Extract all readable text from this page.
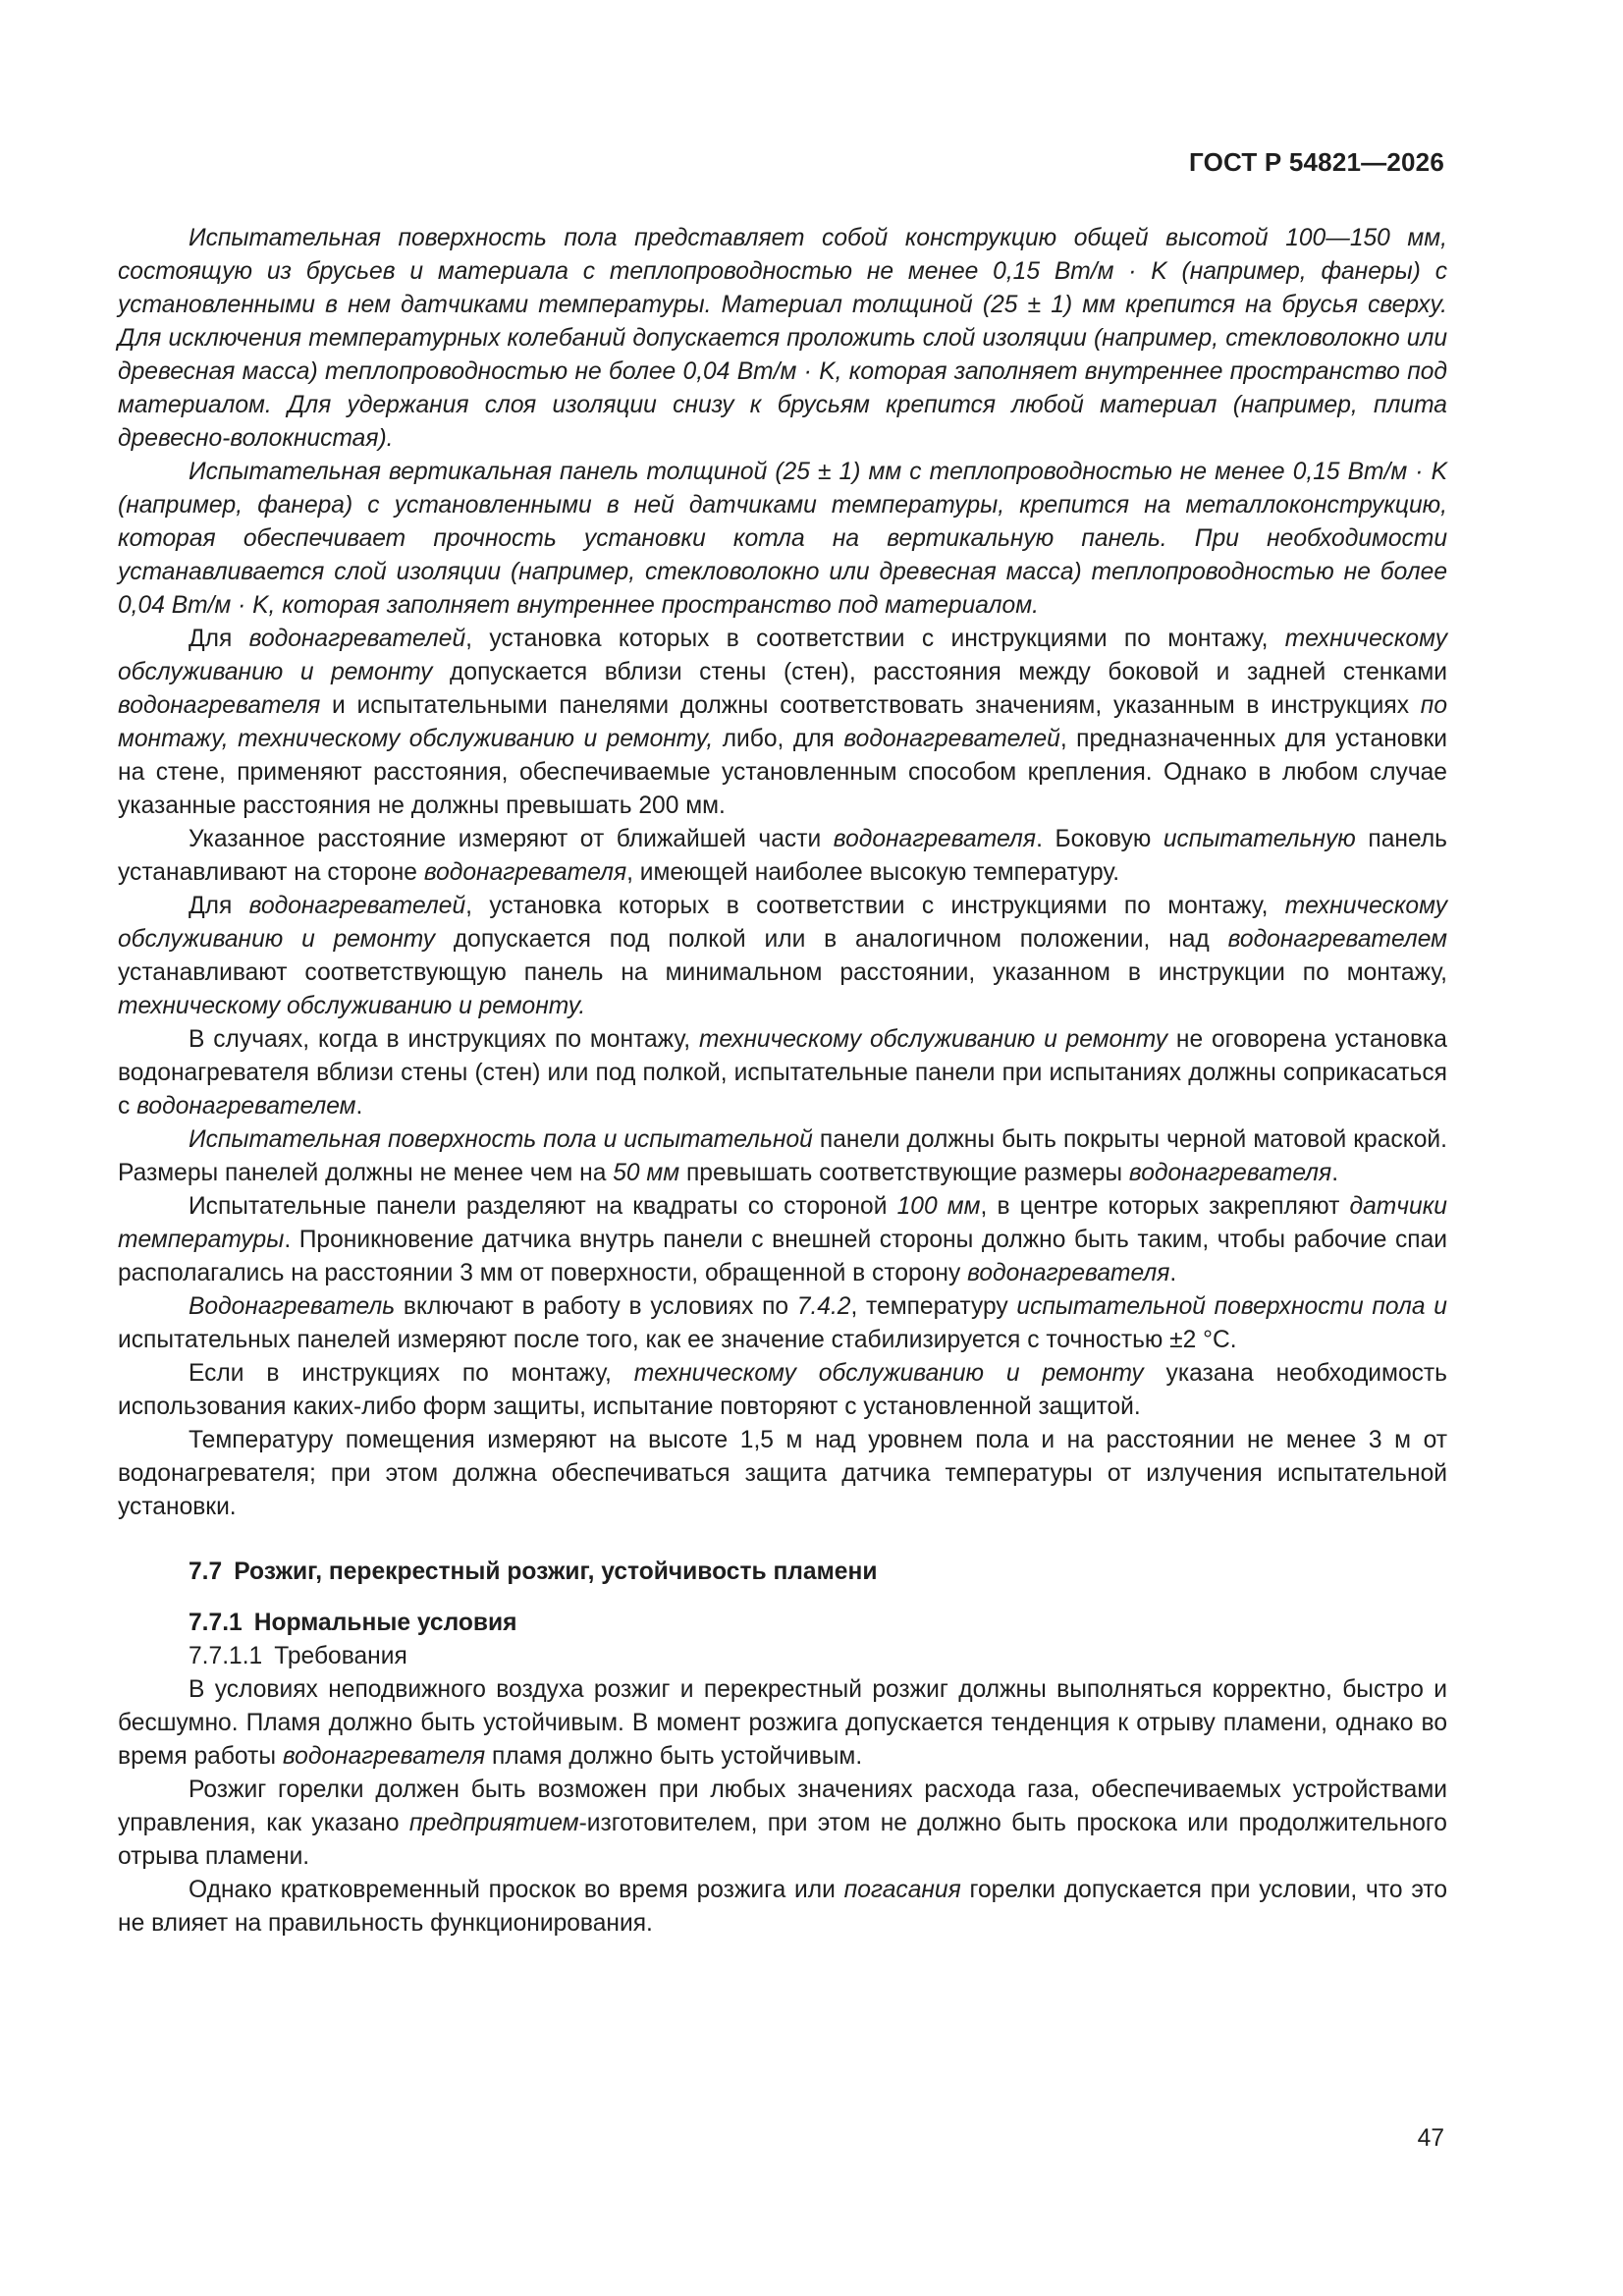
ГОСТ Р 54821—2026

Испытательная поверхность пола представляет собой конструкцию общей высотой 100—150 мм, состоящую из брусьев и материала с теплопроводностью не менее 0,15 Вт/м · K (например, фанеры) с установленными в нем датчиками температуры. Материал толщиной (25 ± 1) мм крепится на брусья сверху. Для исключения температурных колебаний допускается проложить слой изоляции (например, стекловолокно или древесная масса) теплопроводностью не более 0,04 Вт/м · K, которая заполняет внутреннее пространство под материалом. Для удержания слоя изоляции снизу к брусьям крепится любой материал (например, плита древесно-волокнистая).

Испытательная вертикальная панель толщиной (25 ± 1) мм с теплопроводностью не менее 0,15 Вт/м · K (например, фанера) с установленными в ней датчиками температуры, крепится на металлоконструкцию, которая обеспечивает прочность установки котла на вертикальную панель. При необходимости устанавливается слой изоляции (например, стекловолокно или древесная масса) теплопроводностью не более 0,04 Вт/м · K, которая заполняет внутреннее пространство под материалом.

Для водонагревателей, установка которых в соответствии с инструкциями по монтажу, техническому обслуживанию и ремонту допускается вблизи стены (стен), расстояния между боковой и задней стенками водонагревателя и испытательными панелями должны соответствовать значениям, указанным в инструкциях по монтажу, техническому обслуживанию и ремонту, либо, для водонагревателей, предназначенных для установки на стене, применяют расстояния, обеспечиваемые установленным способом крепления. Однако в любом случае указанные расстояния не должны превышать 200 мм.

Указанное расстояние измеряют от ближайшей части водонагревателя. Боковую испытательную панель устанавливают на стороне водонагревателя, имеющей наиболее высокую температуру.

Для водонагревателей, установка которых в соответствии с инструкциями по монтажу, техническому обслуживанию и ремонту допускается под полкой или в аналогичном положении, над водонагревателем устанавливают соответствующую панель на минимальном расстоянии, указанном в инструкции по монтажу, техническому обслуживанию и ремонту.

В случаях, когда в инструкциях по монтажу, техническому обслуживанию и ремонту не оговорена установка водонагревателя вблизи стены (стен) или под полкой, испытательные панели при испытаниях должны соприкасаться с водонагревателем.

Испытательная поверхность пола и испытательной панели должны быть покрыты черной матовой краской. Размеры панелей должны не менее чем на 50 мм превышать соответствующие размеры водонагревателя.

Испытательные панели разделяют на квадраты со стороной 100 мм, в центре которых закрепляют датчики температуры. Проникновение датчика внутрь панели с внешней стороны должно быть таким, чтобы рабочие спаи располагались на расстоянии 3 мм от поверхности, обращенной в сторону водонагревателя.

Водонагреватель включают в работу в условиях по 7.4.2, температуру испытательной поверхности пола и испытательных панелей измеряют после того, как ее значение стабилизируется с точностью ±2 °С.

Если в инструкциях по монтажу, техническому обслуживанию и ремонту указана необходимость использования каких-либо форм защиты, испытание повторяют с установленной защитой.

Температуру помещения измеряют на высоте 1,5 м над уровнем пола и на расстоянии не менее 3 м от водонагревателя; при этом должна обеспечиваться защита датчика температуры от излучения испытательной установки.

7.7 Розжиг, перекрестный розжиг, устойчивость пламени
7.7.1 Нормальные условия
7.7.1.1 Требования

В условиях неподвижного воздуха розжиг и перекрестный розжиг должны выполняться корректно, быстро и бесшумно. Пламя должно быть устойчивым. В момент розжига допускается тенденция к отрыву пламени, однако во время работы водонагревателя пламя должно быть устойчивым.

Розжиг горелки должен быть возможен при любых значениях расхода газа, обеспечиваемых устройствами управления, как указано предприятием-изготовителем, при этом не должно быть проскока или продолжительного отрыва пламени.

Однако кратковременный проскок во время розжига или погасания горелки допускается при условии, что это не влияет на правильность функционирования.

47
